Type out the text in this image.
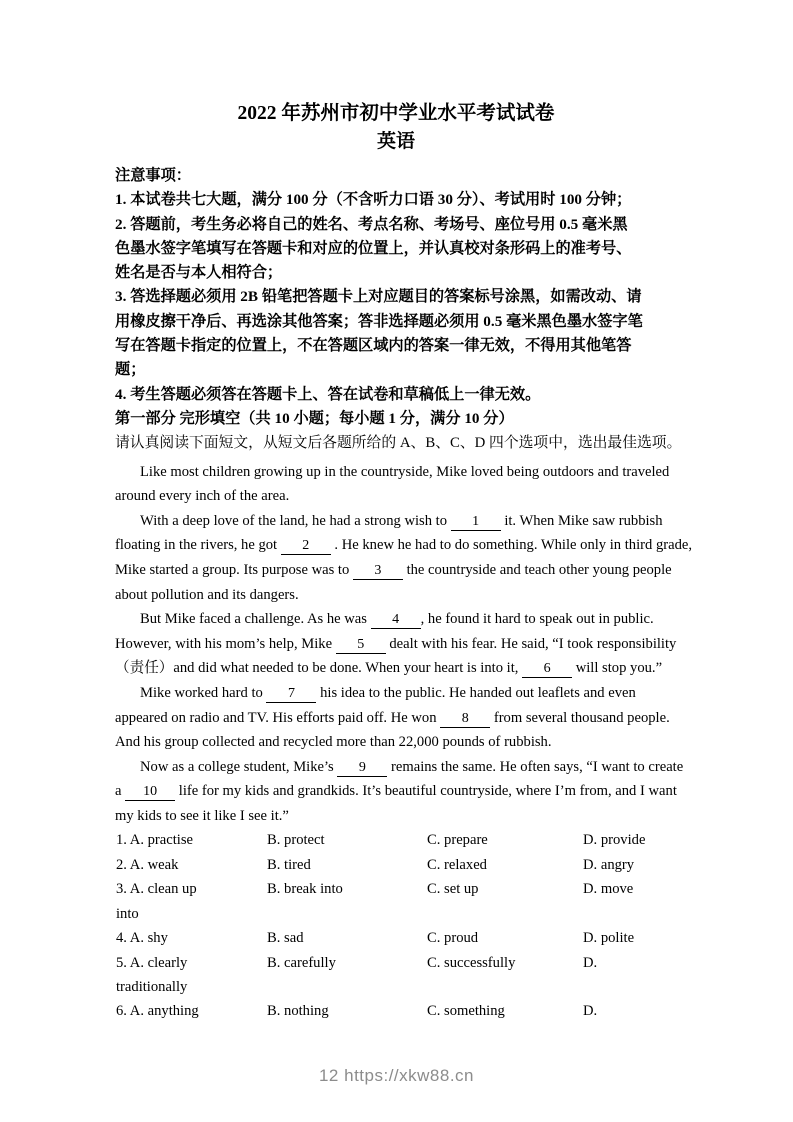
2022 年苏州市初中学业水平考试试卷
英语
注意事项：
1. 本试卷共七大题，满分 100 分（不含听力口语 30 分）、考试用时 100 分钟；
2. 答题前，考生务必将自己的姓名、考点名称、考场号、座位号用 0.5 毫米黑
色墨水签字笔填写在答题卡和对应的位置上，并认真校对条形码上的准考号、
姓名是否与本人相符合；
3. 答选择题必须用 2B 铅笔把答题卡上对应题目的答案标号涂黑，如需改动、请
用橡皮擦干净后、再选涂其他答案；答非选择题必须用 0.5 毫米黑色墨水签字笔
写在答题卡指定的位置上，不在答题区域内的答案一律无效，不得用其他笔答
题；
4. 考生答题必须答在答题卡上、答在试卷和草稿低上一律无效。
第一部分 完形填空（共 10 小题；每小题 1 分，满分 10 分）
请认真阅读下面短文，从短文后各题所给的 A、B、C、D 四个选项中，选出最佳选项。
Like most children growing up in the countryside, Mike loved being outdoors and traveled
around every inch of the area.
With a deep love of the land, he had a strong wish to 1 it. When Mike saw rubbish
floating in the rivers, he got 2 . He knew he had to do something. While only in third grade,
Mike started a group. Its purpose was to 3 the countryside and teach other young people
about pollution and its dangers.
But Mike faced a challenge. As he was 4 , he found it hard to speak out in public.
However, with his mom’s help, Mike 5 dealt with his fear. He said, “I took responsibility
（责任）and did what needed to be done. When your heart is into it, 6 will stop you.”
Mike worked hard to 7 his idea to the public. He handed out leaflets and even
appeared on radio and TV. His efforts paid off. He won 8 from several thousand people.
And his group collected and recycled more than 22,000 pounds of rubbish.
Now as a college student, Mike’s 9 remains the same. He often says, “I want to create
a 10 life for my kids and grandkids. It’s beautiful countryside, where I’m from, and I want
my kids to see it like I see it.”
1. A. practise	B. protect	C. prepare	D. provide
2. A. weak	B. tired	C. relaxed	D. angry
3. A. clean up	B. break into	C. set up	D. move
into
4. A. shy	B. sad	C. proud	D. polite
5. A. clearly	B. carefully	C. successfully	D.
traditionally
6. A. anything	B. nothing	C. something	D.
12 https://xkw88.cn
